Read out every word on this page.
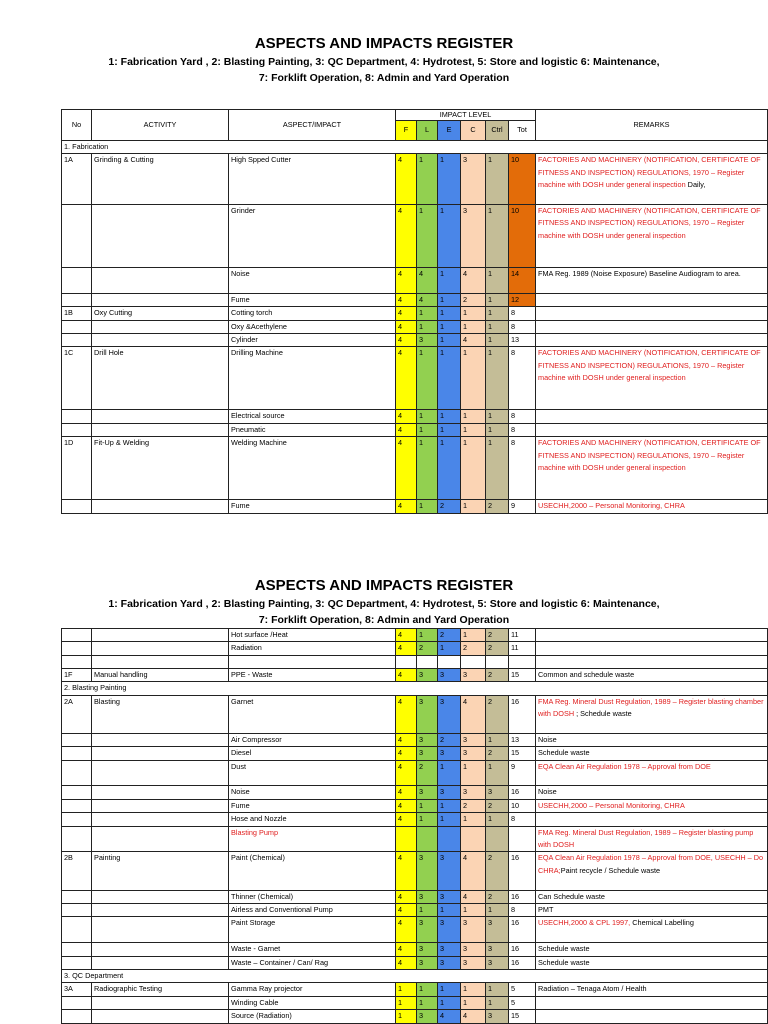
ASPECTS AND IMPACTS REGISTER
1: Fabrication Yard , 2: Blasting Painting, 3: QC Department, 4: Hydrotest, 5: Store and logistic 6: Maintenance,
7: Forklift Operation, 8: Admin and Yard Operation
No	ACTIVITY	ASPECT/IMPACT	IMPACT LEVEL						REMARKS
			F	L	E	C	Ctrl	Tot	
1. Fabrication									
1A	Grinding & Cutting	High Spped Cutter	4	1	1	3	1	10	FACTORIES AND MACHINERY (NOTIFICATION, CERTIFICATE OF FITNESS AND INSPECTION) REGULATIONS, 1970 – Register machine with DOSH under general inspection Daily,
		Grinder	4	1	1	3	1	10	FACTORIES AND MACHINERY (NOTIFICATION, CERTIFICATE OF FITNESS AND INSPECTION) REGULATIONS, 1970 – Register machine with DOSH under general inspection
		Noise	4	4	1	4	1	14	FMA Reg. 1989 (Noise Exposure) Baseline Audiogram to area.
		Fume	4	4	1	2	1	12	
1B	Oxy Cutting	Cotting torch	4	1	1	1	1	8	
		Oxy &Acethylene	4	1	1	1	1	8	
		Cylinder	4	3	1	4	1	13	
1C	Drill Hole	Drilling Machine	4	1	1	1	1	8	FACTORIES AND MACHINERY (NOTIFICATION, CERTIFICATE OF FITNESS AND INSPECTION) REGULATIONS, 1970 – Register machine with DOSH under general inspection
		Electrical source	4	1	1	1	1	8	
		Pneumatic	4	1	1	1	1	8	
1D	Fit-Up & Welding	Welding Machine	4	1	1	1	1	8	FACTORIES AND MACHINERY (NOTIFICATION, CERTIFICATE OF FITNESS AND INSPECTION) REGULATIONS, 1970 – Register machine with DOSH under general inspection
		Fume	4	1	2	1	2	9	USECHH,2000 – Personal Monitoring, CHRA
ASPECTS AND IMPACTS REGISTER
1: Fabrication Yard , 2: Blasting Painting, 3: QC Department, 4: Hydrotest, 5: Store and logistic 6: Maintenance,
7: Forklift Operation, 8: Admin and Yard Operation
		Hot surface /Heat	4	1	2	1	2	11	
		Radiation	4	2	1	2	2	11	

1F	Manual handling	PPE - Waste	4	3	3	3	2	15	Common and schedule waste
2. Blasting Painting									
2A	Blasting	Garnet	4	3	3	4	2	16	FMA Reg. Mineral Dust Regulation, 1989 – Register blasting chamber with DOSH ; Schedule waste
		Air Compressor	4	3	2	3	1	13	Noise
		Diesel	4	3	3	3	2	15	Schedule waste
		Dust	4	2	1	1	1	9	EQA Clean Air Regulation 1978 – Approval from DOE
		Noise	4	3	3	3	3	16	Noise
		Fume	4	1	1	2	2	10	USECHH,2000 – Personal Monitoring, CHRA
		Hose and Nozzle	4	1	1	1	1	8	
		Blasting Pump							FMA Reg. Mineral Dust Regulation, 1989 – Register blasting pump with DOSH
2B	Painting	Paint (Chemical)	4	3	3	4	2	16	EQA Clean Air Regulation 1978 – Approval from DOE, USECHH – Do CHRA;Paint recycle / Schedule waste
		Thinner (Chemical)	4	3	3	4	2	16	Can Schedule waste
		Airless and Conventional Pump	4	1	1	1	1	8	PMT
		Paint Storage	4	3	3	3	3	16	USECHH,2000 & CPL 1997, Chemical Labelling
		Waste - Garnet	4	3	3	3	3	16	Schedule waste
		Waste – Container / Can/ Rag	4	3	3	3	3	16	Schedule waste
3. QC Department									
3A	Radiographic Testing	Gamma Ray projector	1	1	1	1	1	5	Radiation – Tenaga Atom / Health
		Winding Cable	1	1	1	1	1	5	
		Source (Radiation)	1	3	4	4	3	15	
